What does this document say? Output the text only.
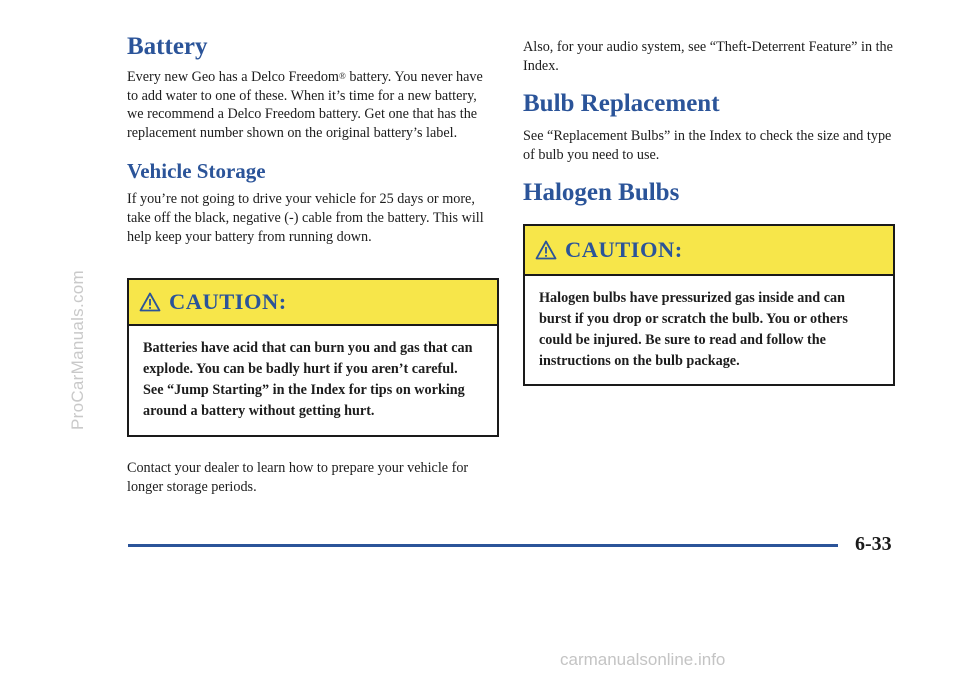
ProCarManuals.com
Battery

Every new Geo has a Delco Freedom® battery. You never have to add water to one of these. When it’s time for a new battery, we recommend a Delco Freedom battery. Get one that has the replacement number shown on the original battery’s label.

Vehicle Storage

If you’re not going to drive your vehicle for 25 days or more, take off the black, negative (-) cable from the battery. This will help keep your battery from running down.

CAUTION:
Batteries have acid that can burn you and gas that can explode. You can be badly hurt if you aren’t careful. See “Jump Starting” in the Index for tips on working around a battery without getting hurt.

Contact your dealer to learn how to prepare your vehicle for longer storage periods.

Also, for your audio system, see “Theft-Deterrent Feature” in the Index.

Bulb Replacement

See “Replacement Bulbs” in the Index to check the size and type of bulb you need to use.

Halogen Bulbs
CAUTION:
Halogen bulbs have pressurized gas inside and can burst if you drop or scratch the bulb. You or others could be injured. Be sure to read and follow the instructions on the bulb package.
6-33
carmanualsonline.info
